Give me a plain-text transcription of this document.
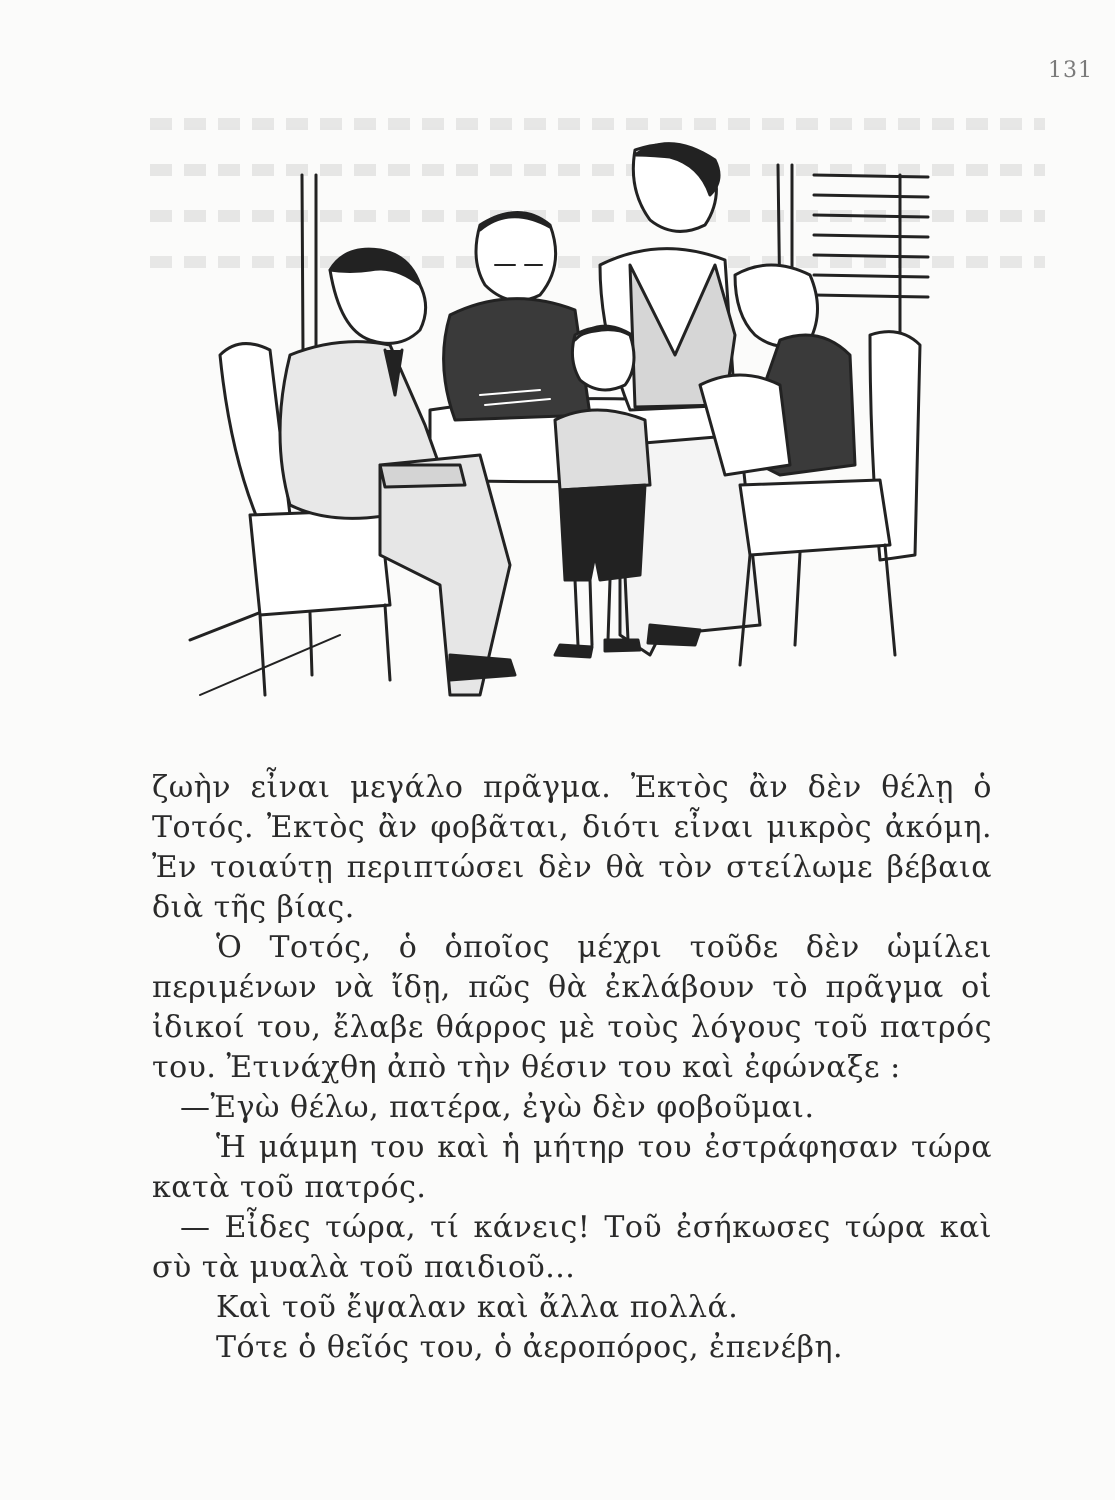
ζωὴν εἶναι μεγάλο πρᾶγμα. Ἐκτὸς ἂν δὲν θέλῃ ὁ Τοτός. Ἐκτὸς ἂν φοβᾶται, διότι εἶναι μικρὸς ἀκόμη. Ἐν τοιαύτῃ περιπτώσει δὲν θὰ τὸν στείλωμε βέβαια διὰ τῆς βίας.

Ὁ Τοτός, ὁ ὁποῖος μέχρι τοῦδε δὲν ὡμίλει περιμένων νὰ ἴδῃ, πῶς θὰ ἐκλάβουν τὸ πρᾶγμα οἱ ἰδικοί του, ἔλαβε θάρρος μὲ τοὺς λόγους τοῦ πατρός του. Ἐτινάχθη ἀπὸ τὴν θέσιν του καὶ ἐφώναξε :

—Ἐγὼ θέλω, πατέρα, ἐγὼ δὲν φοβοῦμαι.

Ἡ μάμμη του καὶ ἡ μήτηρ του ἐστράφησαν τώρα κατὰ τοῦ πατρός.

— Εἶδες τώρα, τί κάνεις! Τοῦ ἐσήκωσες τώρα καὶ σὺ τὰ μυαλὰ τοῦ παιδιοῦ...

Καὶ τοῦ ἔψαλαν καὶ ἄλλα πολλά.

Τότε ὁ θεῖός του, ὁ ἀεροπόρος, ἐπενέβη.

131
